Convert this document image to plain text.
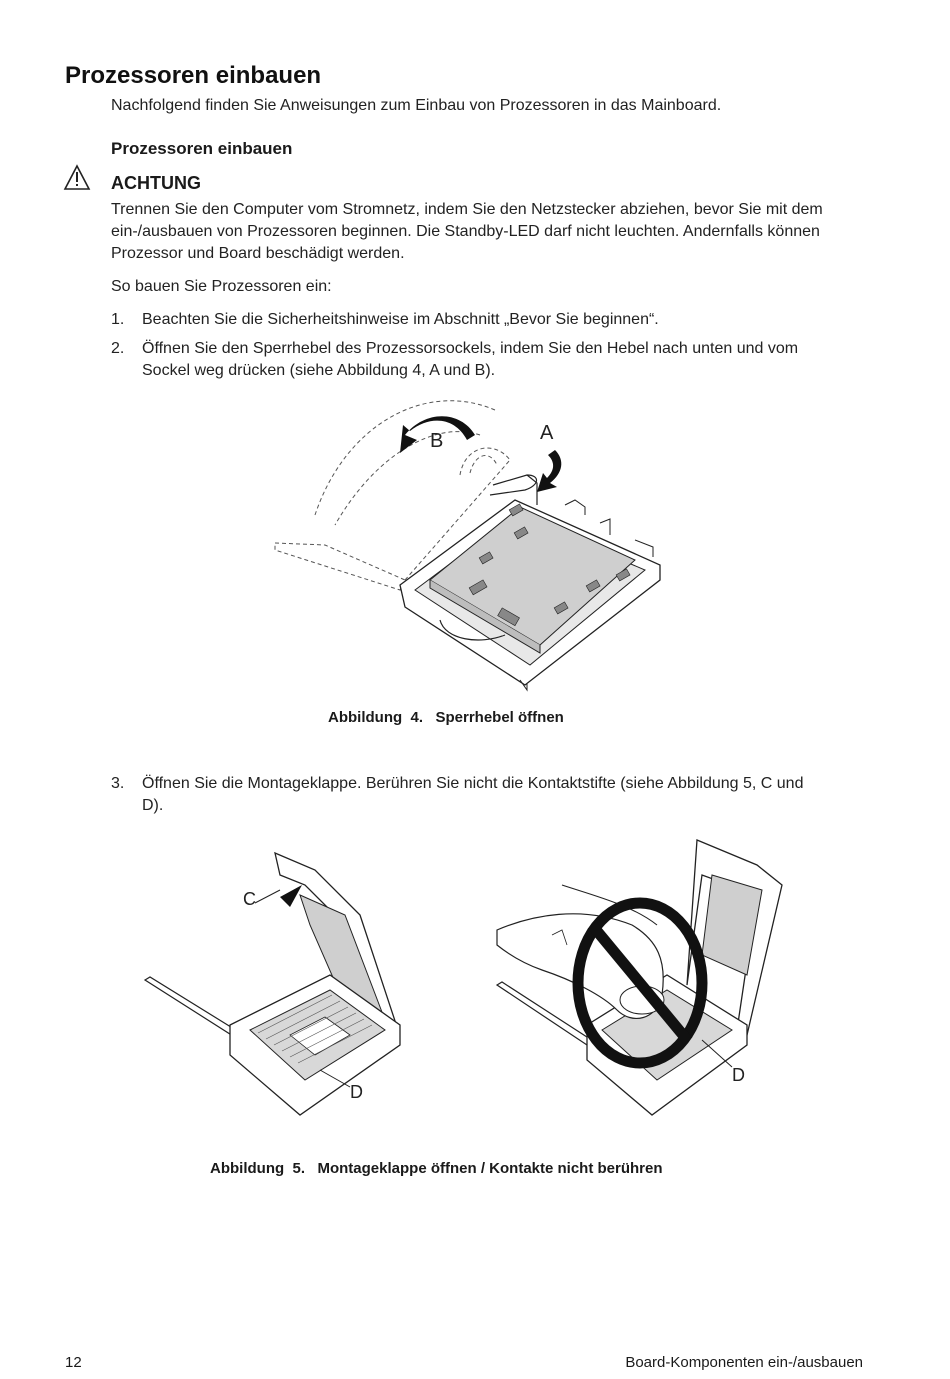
Prozessoren einbauen
Nachfolgend finden Sie Anweisungen zum Einbau von Prozessoren in das Mainboard.
Prozessoren einbauen
ACHTUNG
Trennen Sie den Computer vom Stromnetz, indem Sie den Netzstecker abziehen, bevor Sie mit dem
ein-/ausbauen von Prozessoren beginnen. Die Standby-LED darf nicht leuchten. Andernfalls können
Prozessor und Board beschädigt werden.
So bauen Sie Prozessoren ein:
1. Beachten Sie die Sicherheitshinweise im Abschnitt „Bevor Sie beginnen“.
2. Öffnen Sie den Sperrhebel des Prozessorsockels, indem Sie den Hebel nach unten und vom
Sockel weg drücken (siehe Abbildung 4, A und B).
B	A
Abbildung  4.   Sperrhebel öffnen
3. Öffnen Sie die Montageklappe. Berühren Sie nicht die Kontaktstifte (siehe Abbildung 5, C und
D).
C
D
D
Abbildung  5.   Montageklappe öffnen / Kontakte nicht berühren
12	Board-Komponenten ein-/ausbauen
